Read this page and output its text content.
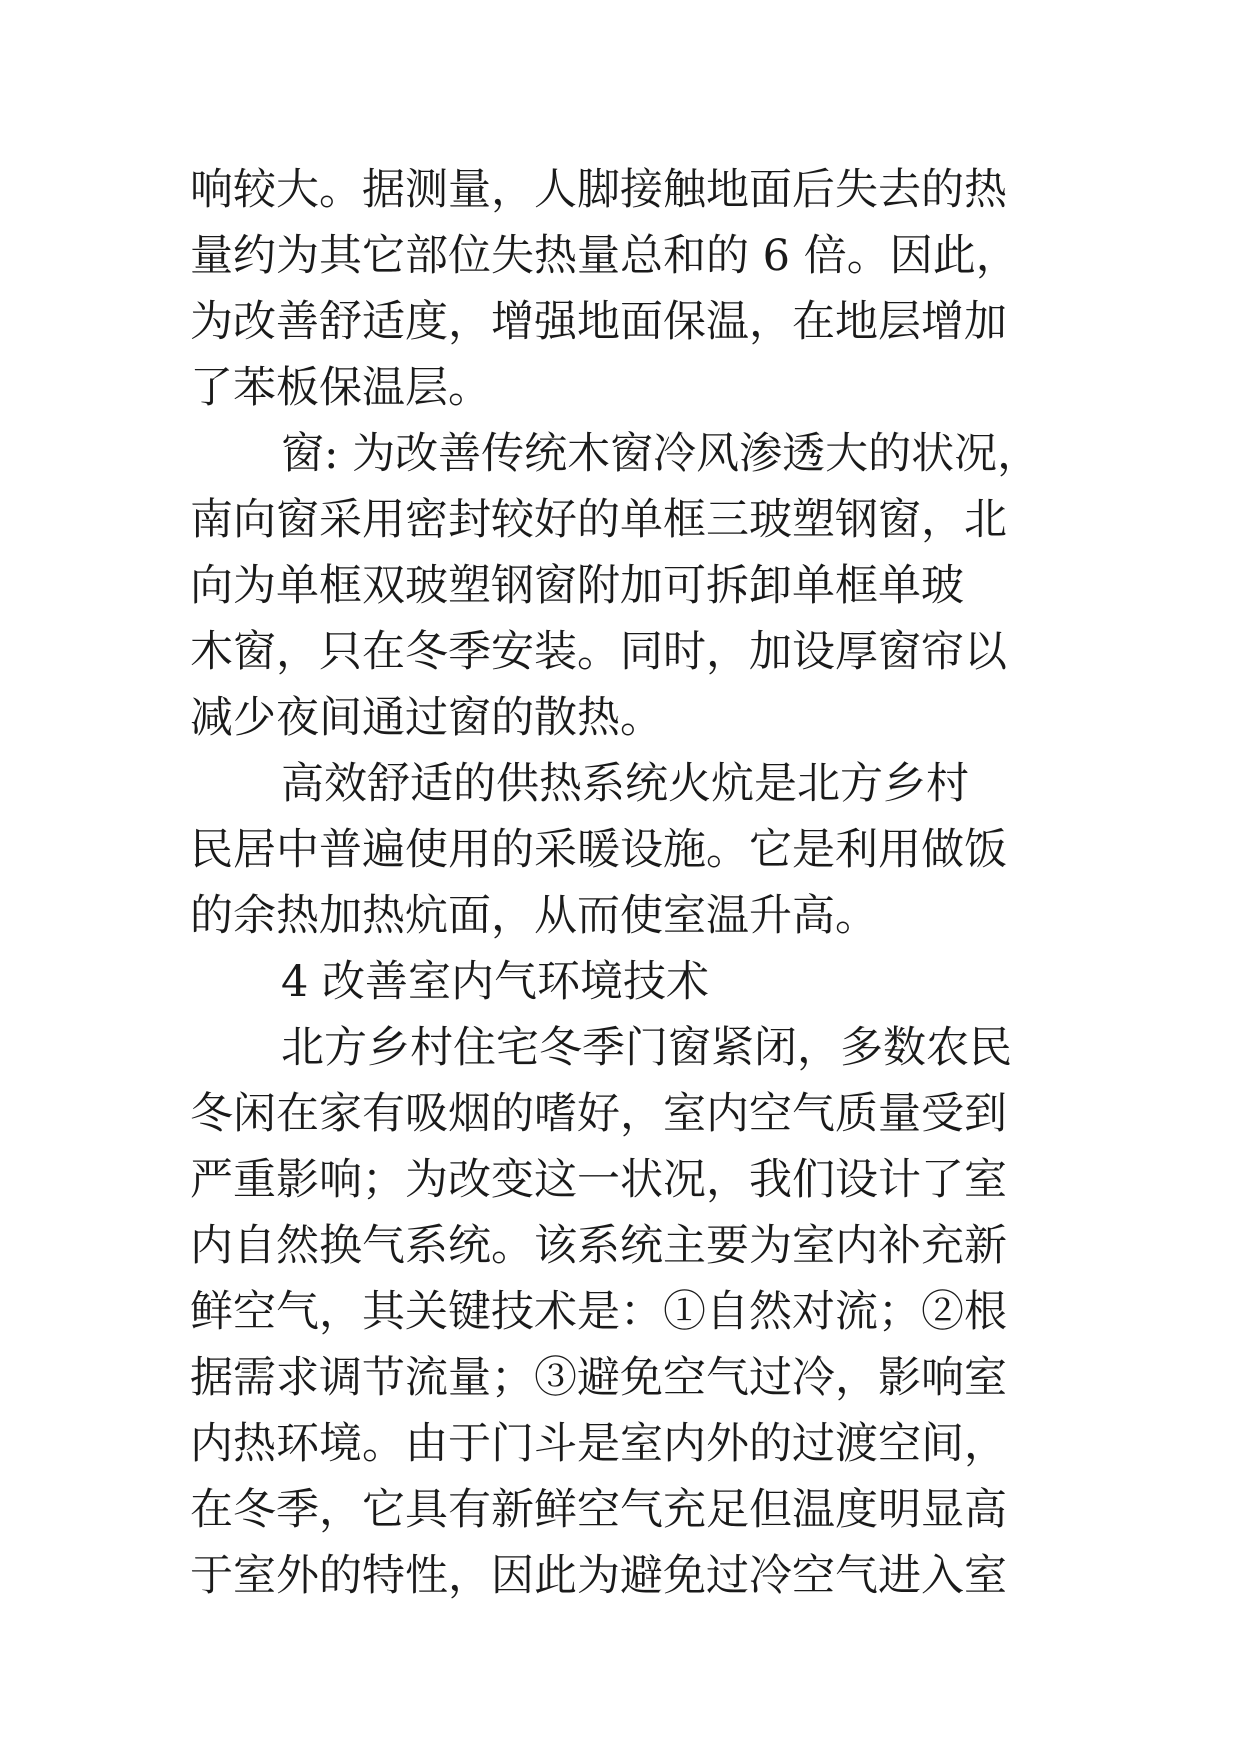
响较大。据测量，人脚接触地面后失去的热
量约为其它部位失热量总和的 6 倍。因此，
为改善舒适度，增强地面保温，在地层增加
了苯板保温层。
窗: 为改善传统木窗冷风渗透大的状况，
南向窗采用密封较好的单框三玻塑钢窗，北
向为单框双玻塑钢窗附加可拆卸单框单玻
木窗，只在冬季安装。同时，加设厚窗帘以
减少夜间通过窗的散热。
高效舒适的供热系统火炕是北方乡村
民居中普遍使用的采暖设施。它是利用做饭
的余热加热炕面，从而使室温升高。
4 改善室内气环境技术
北方乡村住宅冬季门窗紧闭，多数农民
冬闲在家有吸烟的嗜好，室内空气质量受到
严重影响；为改变这一状况，我们设计了室
内自然换气系统。该系统主要为室内补充新
鲜空气，其关键技术是：①自然对流；②根
据需求调节流量；③避免空气过冷，影响室
内热环境。由于门斗是室内外的过渡空间，
在冬季，它具有新鲜空气充足但温度明显高
于室外的特性，因此为避免过冷空气进入室
